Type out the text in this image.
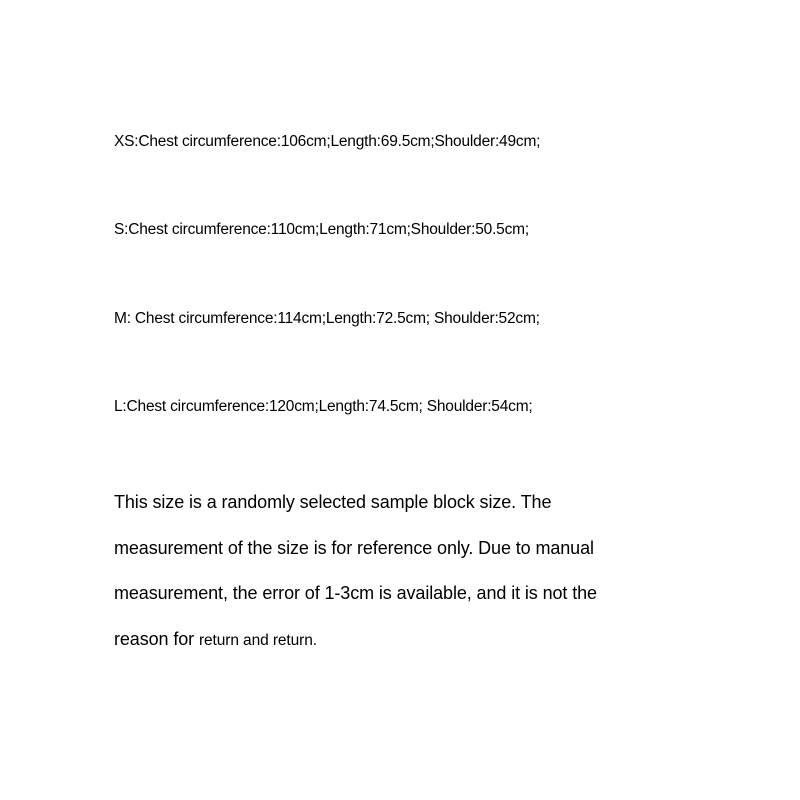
XS:Chest circumference:106cm;Length:69.5cm;Shoulder:49cm;
S:Chest circumference:110cm;Length:71cm;Shoulder:50.5cm;
M: Chest circumference:114cm;Length:72.5cm; Shoulder:52cm;
L:Chest circumference:120cm;Length:74.5cm; Shoulder:54cm;
This size is a randomly selected sample block size. The
measurement of the size is for reference only. Due to manual
measurement, the error of 1-3cm is available, and it is not the
reason for return and return.
